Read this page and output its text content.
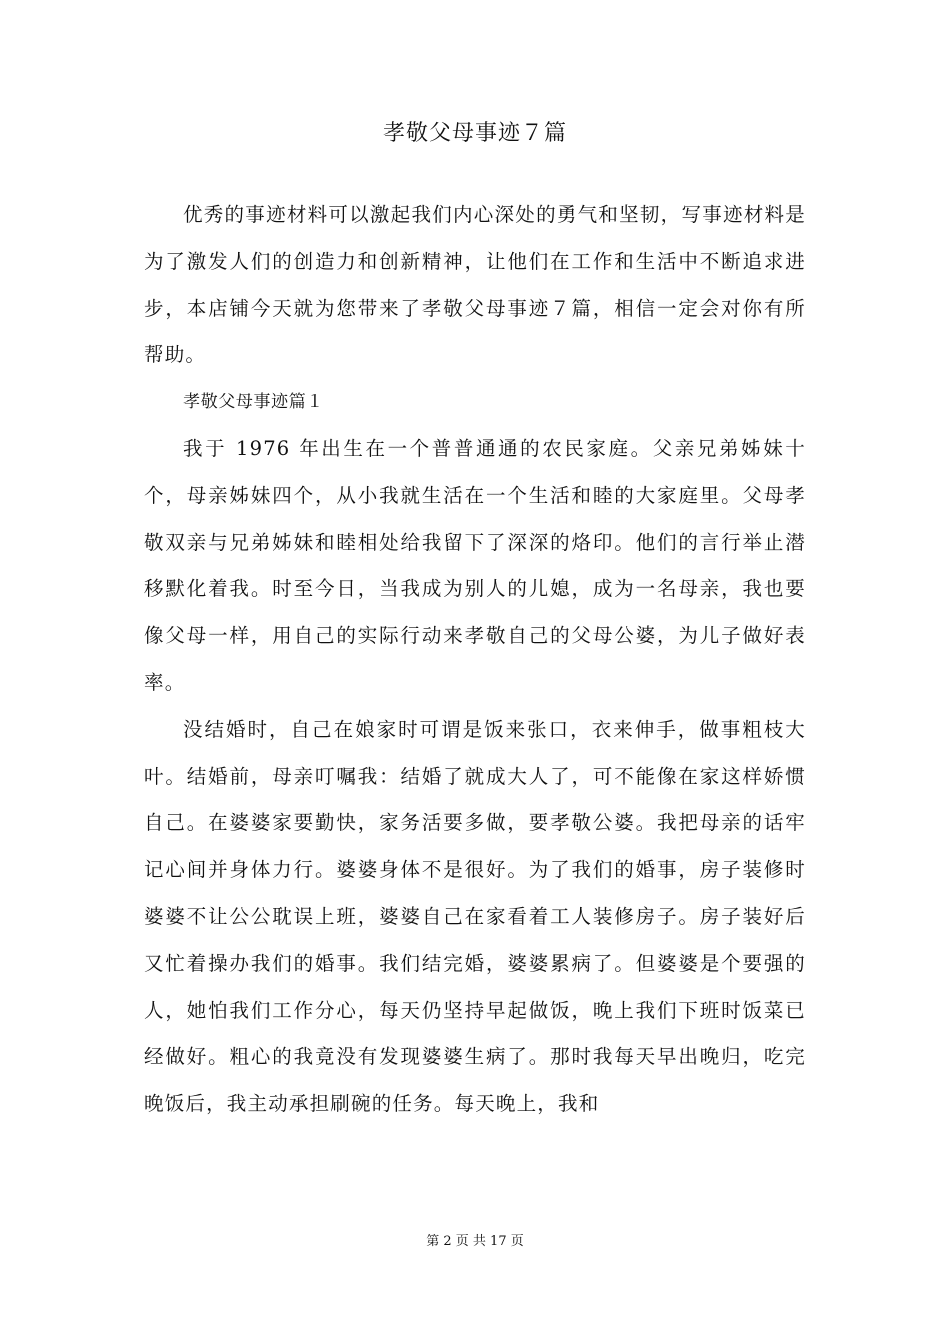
孝敬父母事迹７篇

优秀的事迹材料可以激起我们内心深处的勇气和坚韧，写事迹材料是为了激发人们的创造力和创新精神，让他们在工作和生活中不断追求进步，本店铺今天就为您带来了孝敬父母事迹７篇，相信一定会对你有所帮助。

孝敬父母事迹篇１

我于 1976 年出生在一个普普通通的农民家庭。父亲兄弟姊妹十个，母亲姊妹四个，从小我就生活在一个生活和睦的大家庭里。父母孝敬双亲与兄弟姊妹和睦相处给我留下了深深的烙印。他们的言行举止潜移默化着我。时至今日，当我成为别人的儿媳，成为一名母亲，我也要像父母一样，用自己的实际行动来孝敬自己的父母公婆，为儿子做好表率。

没结婚时，自己在娘家时可谓是饭来张口，衣来伸手，做事粗枝大叶。结婚前，母亲叮嘱我：结婚了就成大人了，可不能像在家这样娇惯自己。在婆婆家要勤快，家务活要多做，要孝敬公婆。我把母亲的话牢记心间并身体力行。婆婆身体不是很好。为了我们的婚事，房子装修时婆婆不让公公耽误上班，婆婆自己在家看着工人装修房子。房子装好后又忙着操办我们的婚事。我们结完婚，婆婆累病了。但婆婆是个要强的人，她怕我们工作分心，每天仍坚持早起做饭，晚上我们下班时饭菜已经做好。粗心的我竟没有发现婆婆生病了。那时我每天早出晚归，吃完晚饭后，我主动承担刷碗的任务。每天晚上，我和

第 2 页 共 17 页
